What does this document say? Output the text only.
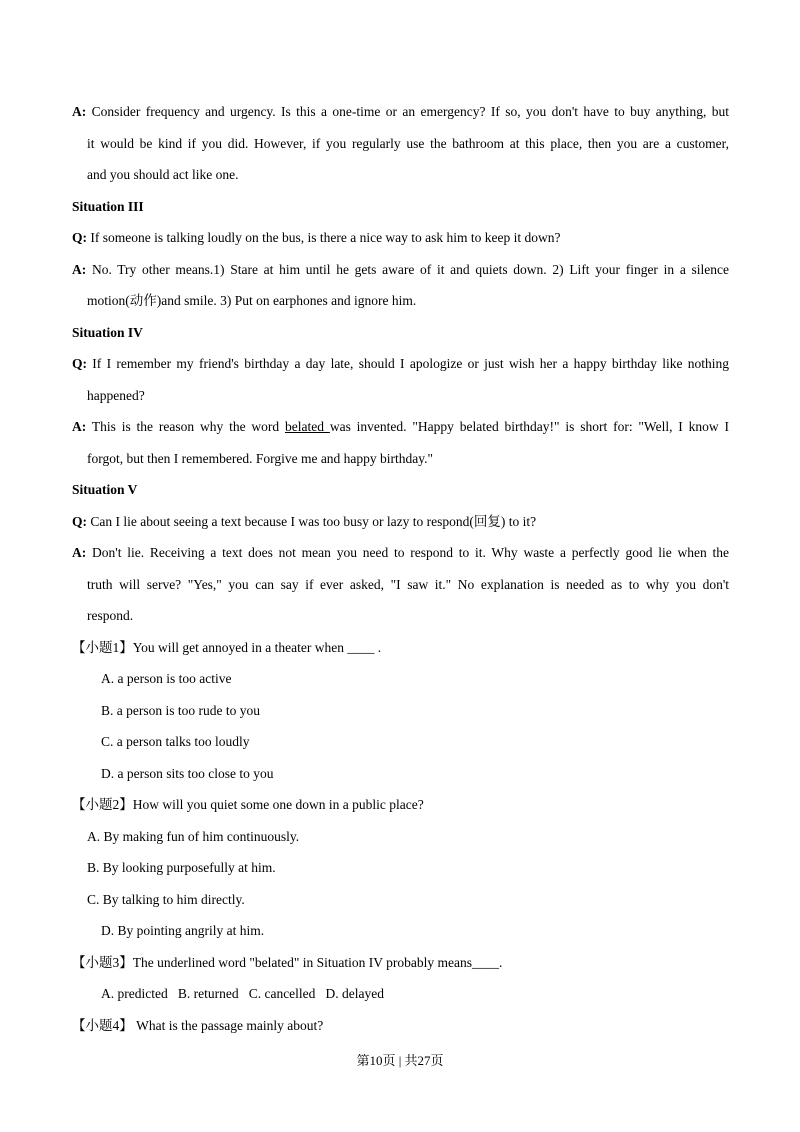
A: Consider frequency and urgency. Is this a one-time or an emergency? If so, you don't have to buy anything, but
it would be kind if you did. However, if you regularly use the bathroom at this place, then you are a customer,
and you should act like one.
Situation III
Q: If someone is talking loudly on the bus, is there a nice way to ask him to keep it down?
A: No. Try other means.1) Stare at him until he gets aware of it and quiets down. 2) Lift your finger in a silence
motion(动作)and smile. 3) Put on earphones and ignore him.
Situation IV
Q: If I remember my friend's birthday a day late, should I apologize or just wish her a happy birthday like nothing
happened?
A: This is the reason why the word belated was invented. "Happy belated birthday!" is short for: "Well, I know I
forgot, but then I remembered. Forgive me and happy birthday."
Situation V
Q: Can I lie about seeing a text because I was too busy or lazy to respond(回复) to it?
A: Don't lie. Receiving a text does not mean you need to respond to it. Why waste a perfectly good lie when the
truth will serve? "Yes," you can say if ever asked, "I saw it." No explanation is needed as to why you don't
respond.
【小题1】You will get annoyed in a theater when ____ .
A. a person is too active
B. a person is too rude to you
C. a person talks too loudly
D. a person sits too close to you
【小题2】How will you quiet some one down in a public place?
A. By making fun of him continuously.
B. By looking purposefully at him.
C. By talking to him directly.
D. By pointing angrily at him.
【小题3】The underlined word "belated" in Situation IV probably means____.
A. predicted   B. returned   C. cancelled   D. delayed
【小题4】 What is the passage mainly about?
第10页 | 共27页
